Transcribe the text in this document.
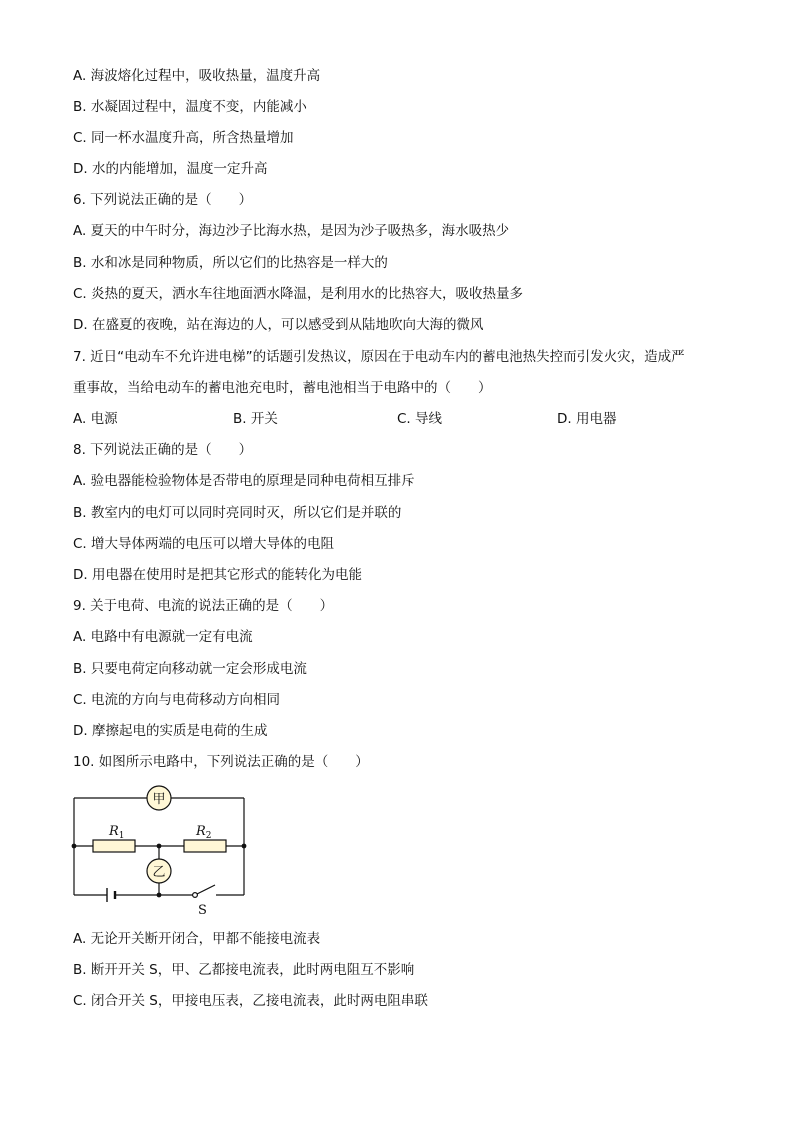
A. 海波熔化过程中，吸收热量，温度升高
B. 水凝固过程中，温度不变，内能减小
C. 同一杯水温度升高，所含热量增加
D. 水的内能增加，温度一定升高
6. 下列说法正确的是（　　）
A. 夏天的中午时分，海边沙子比海水热，是因为沙子吸热多，海水吸热少
B. 水和冰是同种物质，所以它们的比热容是一样大的
C. 炎热的夏天，洒水车往地面洒水降温，是利用水的比热容大，吸收热量多
D. 在盛夏的夜晚，站在海边的人，可以感受到从陆地吹向大海的微风
7. 近日“电动车不允许进电梯”的话题引发热议，原因在于电动车内的蓄电池热失控而引发火灾，造成严
重事故，当给电动车的蓄电池充电时，蓄电池相当于电路中的（　　）
A. 电源	B. 开关	C. 导线	D. 用电器
8. 下列说法正确的是（　　）
A. 验电器能检验物体是否带电的原理是同种电荷相互排斥
B. 教室内的电灯可以同时亮同时灭，所以它们是并联的
C. 增大导体两端的电压可以增大导体的电阻
D. 用电器在使用时是把其它形式的能转化为电能
9. 关于电荷、电流的说法正确的是（　　）
A. 电路中有电源就一定有电流
B. 只要电荷定向移动就一定会形成电流
C. 电流的方向与电荷移动方向相同
D. 摩擦起电的实质是电荷的生成
10. 如图所示电路中，下列说法正确的是（　　）
甲
乙
$R_1$	$R_2$
S
A. 无论开关断开闭合，甲都不能接电流表
B. 断开开关 S，甲、乙都接电流表，此时两电阻互不影响
C. 闭合开关 S，甲接电压表，乙接电流表，此时两电阻串联
